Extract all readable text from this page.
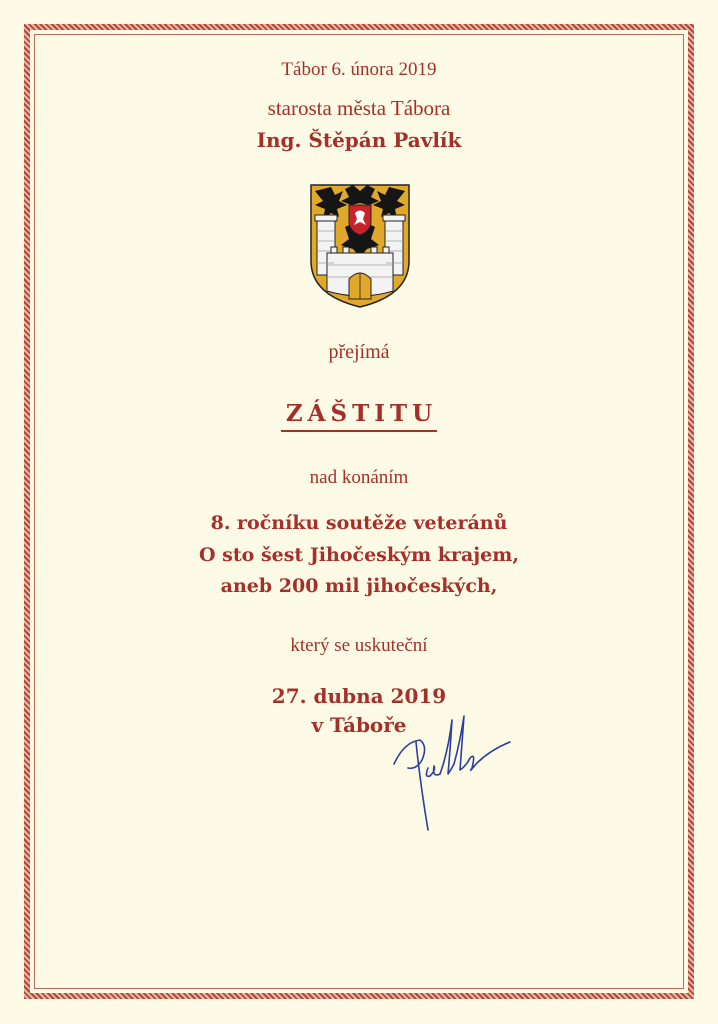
Tábor 6. února 2019
starosta města Tábora
Ing. Štěpán Pavlík
přejímá
ZÁŠTITU
nad konáním
8. ročníku soutěže veteránů
O sto šest Jihočeským krajem,
aneb 200 mil jihočeských,
který se uskuteční
27. dubna 2019
v Táboře
